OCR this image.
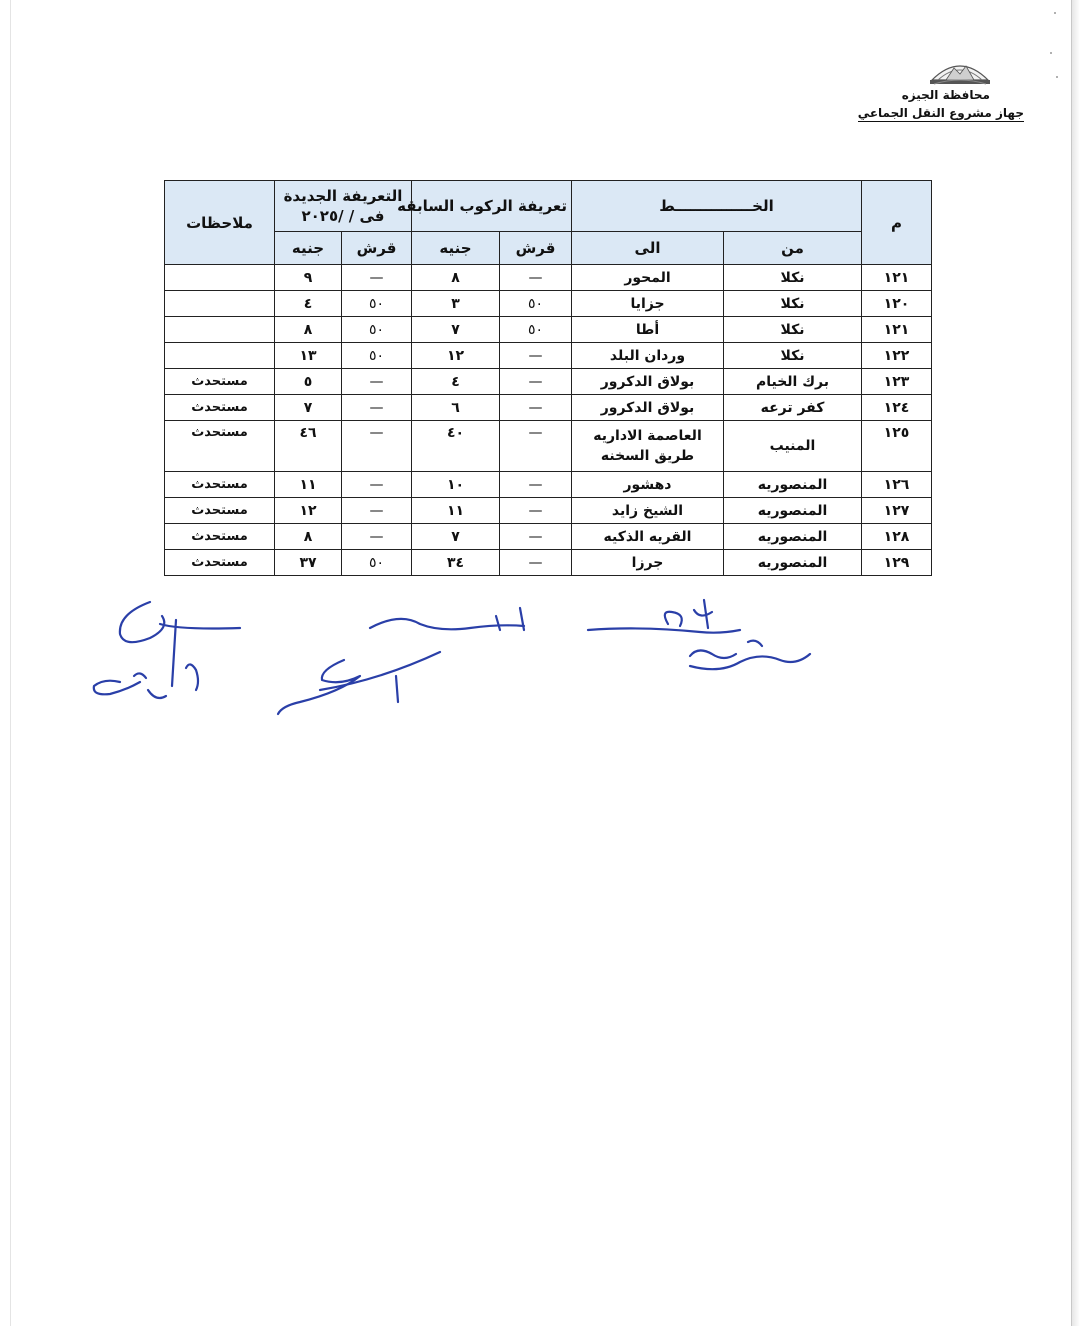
محافظة الجيزه
جهاز مشروع النقل الجماعي
م	الخـــــــــــــــط		تعريفة الركوب السابقه		التعريفة الجديدة
فى / /٢٠٢٥		ملاحظات
	من	الى	قرش	جنيه	قرش	جنيه	
١٢١	نكلا	المحور	—	٨	—	٩	
١٢٠	نكلا	جزايا	٥٠	٣	٥٠	٤	
١٢١	نكلا	أطا	٥٠	٧	٥٠	٨	
١٢٢	نكلا	وردان البلد	—	١٢	٥٠	١٣	
١٢٣	برك الخيام	بولاق الدكرور	—	٤	—	٥	مستحدث
١٢٤	كفر ترعه	بولاق الدكرور	—	٦	—	٧	مستحدث
١٢٥	المنيب	العاصمة الاداريه
طريق السخنه	—	٤٠	—	٤٦	مستحدث
١٢٦	المنصوريه	دهشور	—	١٠	—	١١	مستحدث
١٢٧	المنصوريه	الشيخ زايد	—	١١	—	١٢	مستحدث
١٢٨	المنصوريه	القريه الذكيه	—	٧	—	٨	مستحدث
١٢٩	المنصوريه	جرزا	—	٣٤	٥٠	٣٧	مستحدث
